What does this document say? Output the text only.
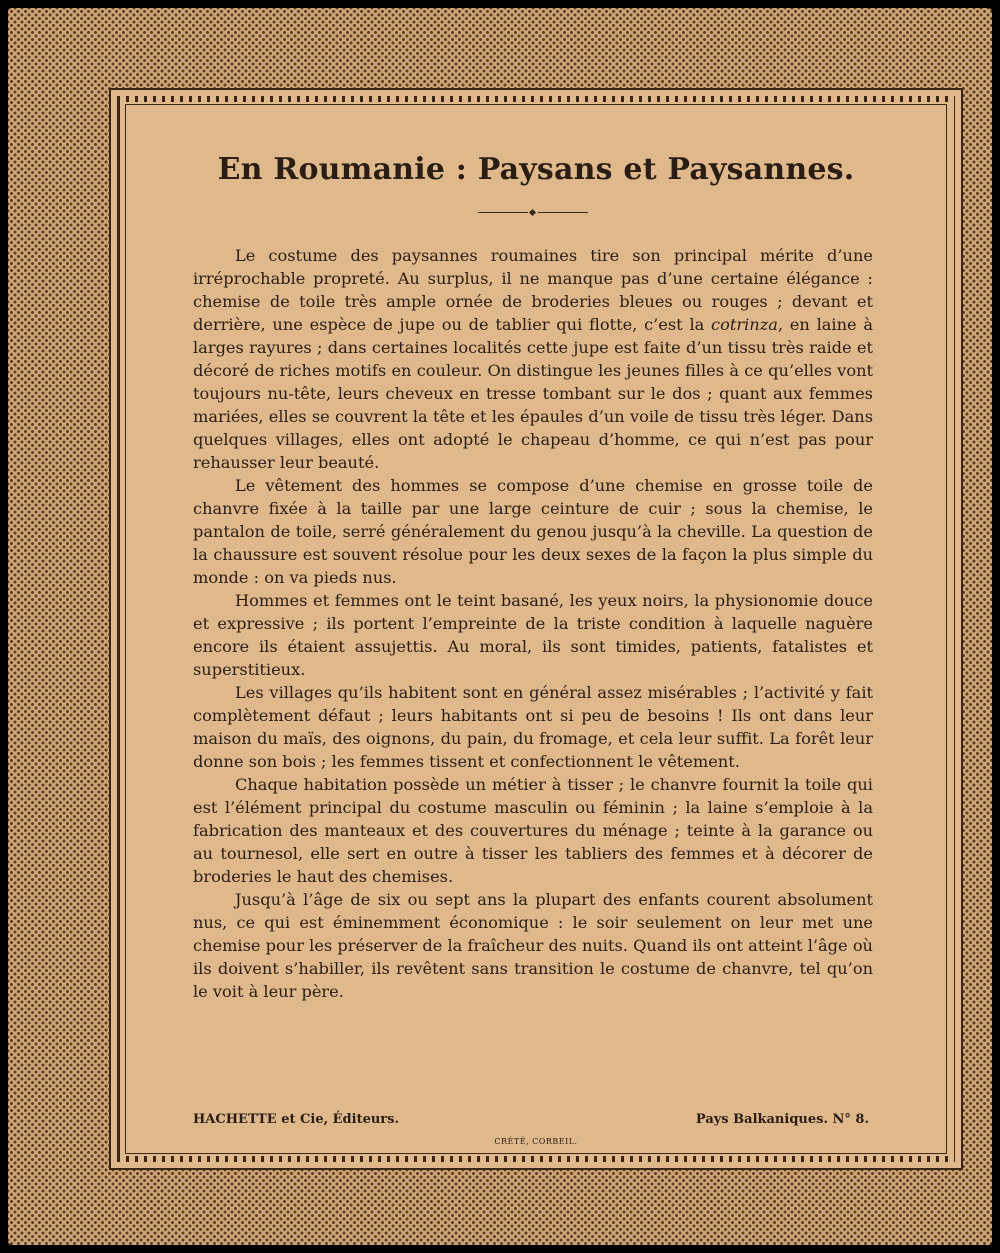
En Roumanie : Paysans et Paysannes.

Le costume des paysannes roumaines tire son principal mérite d’une irréprochable propreté. Au surplus, il ne manque pas d’une certaine élégance : chemise de toile très ample ornée de broderies bleues ou rouges ; devant et derrière, une espèce de jupe ou de tablier qui flotte, c’est la cotrinza, en laine à larges rayures ; dans certaines localités cette jupe est faite d’un tissu très raide et décoré de riches motifs en couleur. On distingue les jeunes filles à ce qu’elles vont toujours nu-tête, leurs cheveux en tresse tombant sur le dos ; quant aux femmes mariées, elles se couvrent la tête et les épaules d’un voile de tissu très léger. Dans quelques villages, elles ont adopté le chapeau d’homme, ce qui n’est pas pour rehausser leur beauté.

Le vêtement des hommes se compose d’une chemise en grosse toile de chanvre fixée à la taille par une large ceinture de cuir ; sous la chemise, le pantalon de toile, serré généralement du genou jusqu’à la cheville. La question de la chaussure est souvent résolue pour les deux sexes de la façon la plus simple du monde : on va pieds nus.

Hommes et femmes ont le teint basané, les yeux noirs, la physionomie douce et expressive ; ils portent l’empreinte de la triste condition à laquelle naguère encore ils étaient assujettis. Au moral, ils sont timides, patients, fatalistes et superstitieux.

Les villages qu’ils habitent sont en général assez misérables ; l’activité y fait complètement défaut ; leurs habitants ont si peu de besoins ! Ils ont dans leur maison du maïs, des oignons, du pain, du fromage, et cela leur suffit. La forêt leur donne son bois ; les femmes tissent et confectionnent le vêtement.

Chaque habitation possède un métier à tisser ; le chanvre fournit la toile qui est l’élément principal du costume masculin ou féminin ; la laine s’emploie à la fabrication des manteaux et des couvertures du ménage ; teinte à la garance ou au tournesol, elle sert en outre à tisser les tabliers des femmes et à décorer de broderies le haut des chemises.

Jusqu’à l’âge de six ou sept ans la plupart des enfants courent absolument nus, ce qui est éminemment économique : le soir seulement on leur met une chemise pour les préserver de la fraîcheur des nuits. Quand ils ont atteint l’âge où ils doivent s’habiller, ils revêtent sans transition le costume de chanvre, tel qu’on le voit à leur père.

HACHETTE et Cie, Éditeurs.	Pays Balkaniques. N° 8.
CRÉTÉ, CORBEIL.
